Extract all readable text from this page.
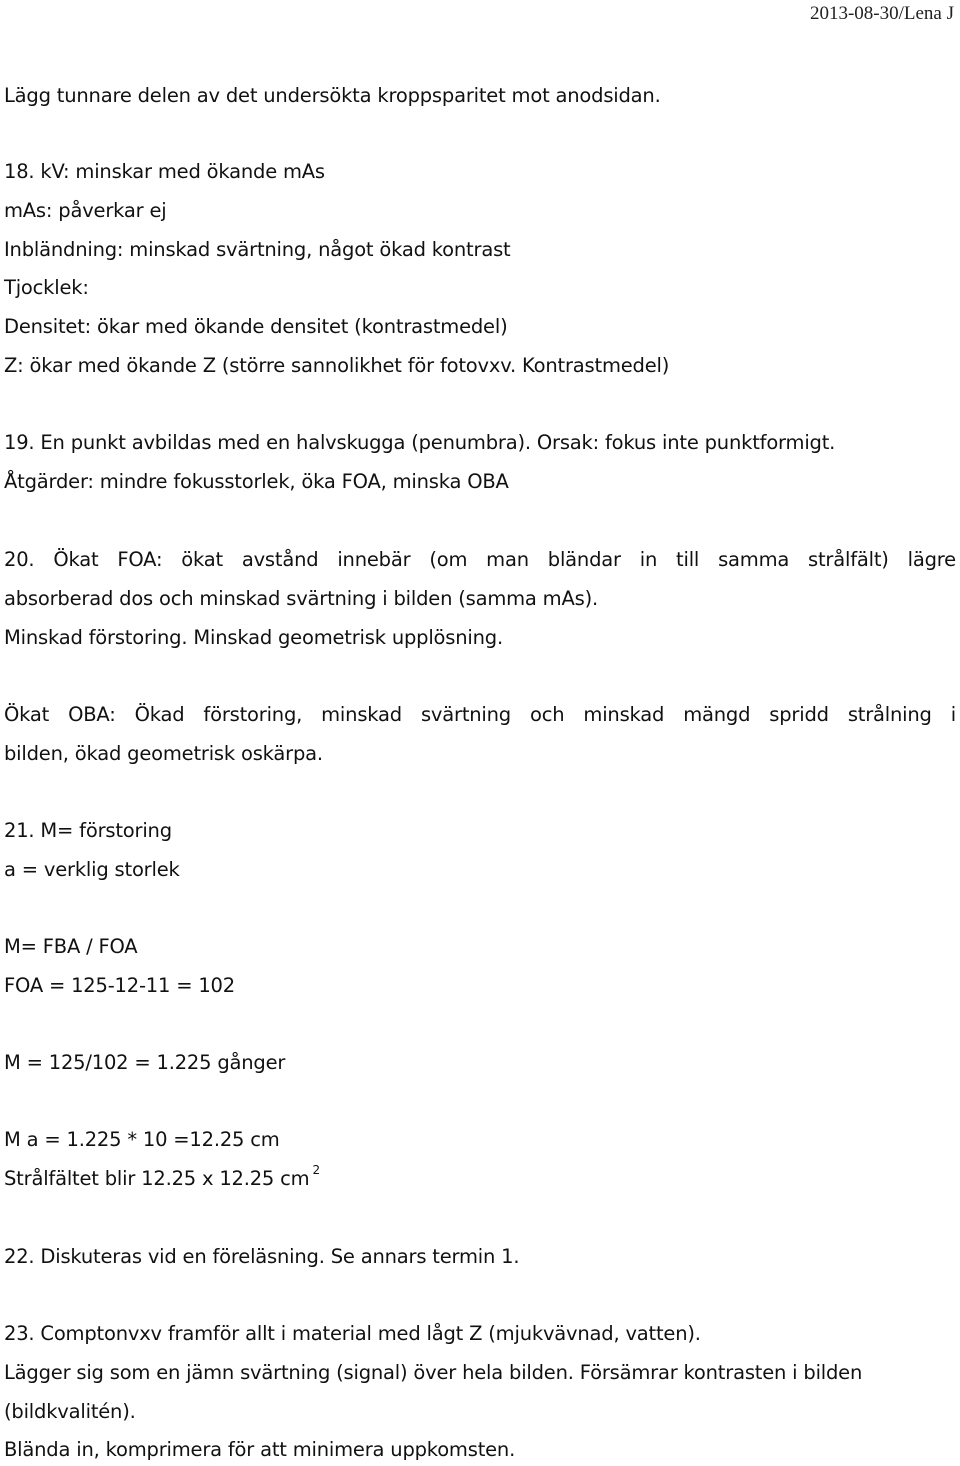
2013-08-30/Lena J
Lägg tunnare delen av det undersökta kroppsparitet mot anodsidan.
18. kV: minskar med ökande mAs
mAs: påverkar ej
Inbländning: minskad svärtning, något ökad kontrast
Tjocklek:
Densitet: ökar med ökande densitet (kontrastmedel)
Z: ökar med ökande Z (större sannolikhet för fotovxv. Kontrastmedel)
19. En punkt avbildas med en halvskugga (penumbra). Orsak: fokus inte punktformigt.
Åtgärder: mindre fokusstorlek, öka FOA, minska OBA
20. Ökat FOA: ökat avstånd innebär (om man bländar in till samma strålfält) lägre
absorberad dos och minskad svärtning i bilden (samma mAs).
Minskad förstoring. Minskad geometrisk upplösning.
Ökat OBA: Ökad förstoring, minskad svärtning och minskad mängd spridd strålning i
bilden, ökad geometrisk oskärpa.
21. M= förstoring
a = verklig storlek
M= FBA / FOA
FOA = 125-12-11 = 102
M = 125/102 = 1.225 gånger
M a = 1.225 * 10 =12.25 cm
Strålfältet blir 12.25 x 12.25 cm $^2$
22. Diskuteras vid en föreläsning. Se annars termin 1.
23. Comptonvxv framför allt i material med lågt Z (mjukvävnad, vatten).
Lägger sig som en jämn svärtning (signal) över hela bilden. Försämrar kontrasten i bilden
(bildkvalitén).
Blända in, komprimera för att minimera uppkomsten.
